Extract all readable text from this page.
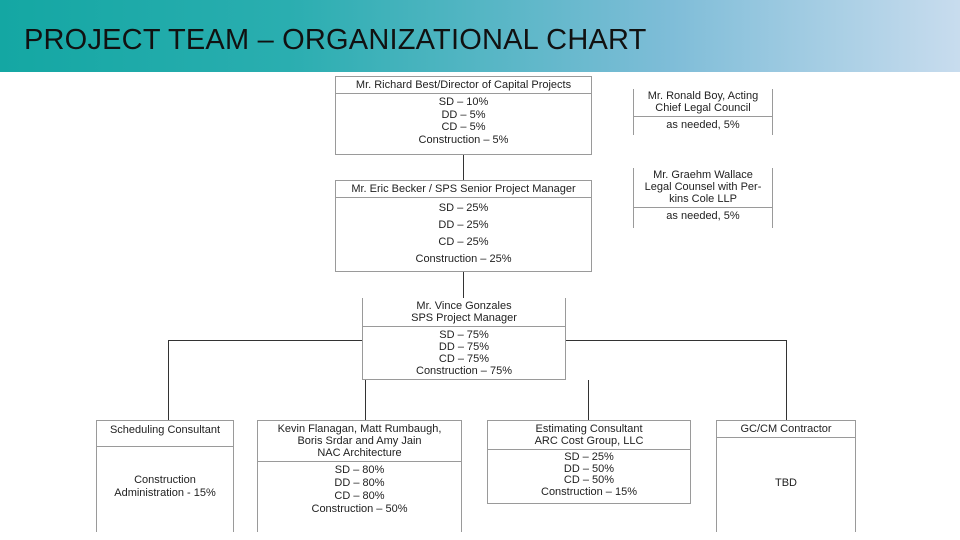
PROJECT TEAM – ORGANIZATIONAL CHART
Mr. Richard Best/Director of Capital Projects
SD – 10%
DD – 5%
CD – 5%
Construction – 5%
Mr. Eric Becker / SPS Senior Project Manager
SD – 25%
DD – 25%
CD – 25%
Construction – 25%
Mr. Vince Gonzales
SPS Project Manager
SD – 75%
DD – 75%
CD – 75%
Construction – 75%
Mr. Ronald Boy, Acting
Chief Legal Council
as needed, 5%
Mr. Graehm Wallace
Legal Counsel with Per-
kins Cole LLP
as needed, 5%
Scheduling Consultant
Construction
Administration - 15%
Kevin Flanagan, Matt Rumbaugh,
Boris Srdar and Amy Jain
NAC Architecture
SD – 80%
DD – 80%
CD – 80%
Construction – 50%
Estimating Consultant
ARC Cost Group, LLC
SD – 25%
DD – 50%
CD – 50%
Construction – 15%
GC/CM Contractor
TBD
